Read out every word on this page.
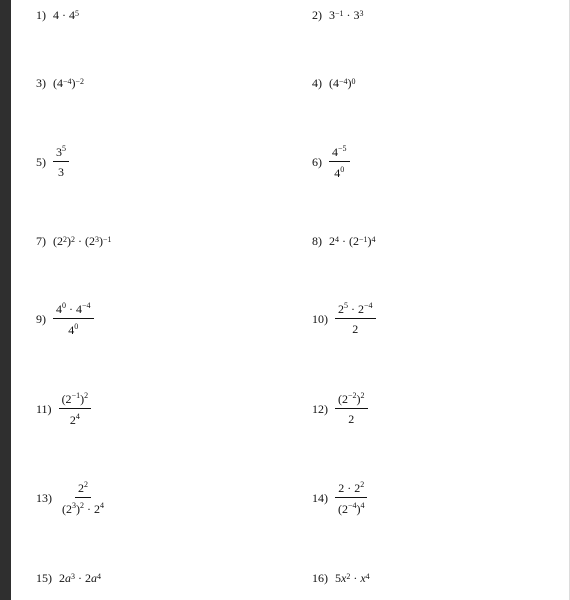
1) $4 \cdot 4^5$	2) $3^{-1} \cdot 3^3$
3) ($4^{-4}$ )$^{-2}$	4) ($4^{-4}$ )$^0$
$5) \frac{3^5}{3}$	$6) \frac{4^{-5}}{4^0}$
7) ($2^2$ )$^2 \cdot (2^3$ )$^{-1}$	8) $2^4 \cdot (2^{-1}$ )$^4$
$9) \frac{4^0 \cdot 4^{-4}}{4^0}$	$10) \frac{2^5 \cdot 2^{-4}}{2}$
$11) \frac{(2^{-1})^2}{2^4}$	$12) \frac{(2^{-2})^2}{2}$
$13) \frac{2^2}{(2^3)^2 \cdot 2^4}$	$14) \frac{2 \cdot 2^2}{(2^{-4})^4}$
15) 2 $a^3 \cdot 2$ $a^4$	16) 5 $x^2 \cdot x^4$
